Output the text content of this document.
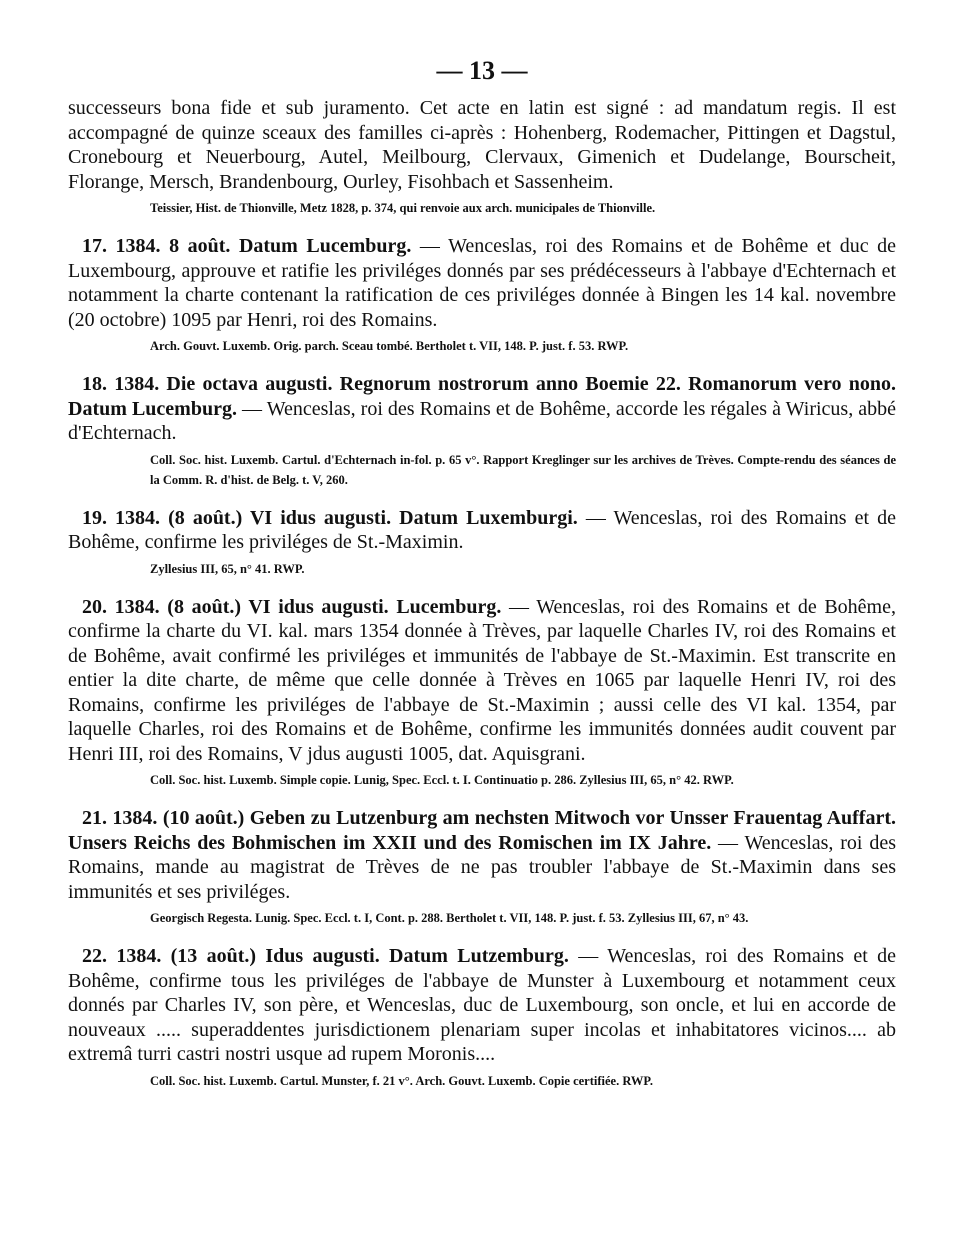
— 13 —

successeurs bona fide et sub juramento. Cet acte en latin est signé : ad mandatum regis. Il est accompagné de quinze sceaux des familles ci-après : Hohenberg, Rodemacher, Pittingen et Dagstul, Cronebourg et Neuerbourg, Autel, Meilbourg, Clervaux, Gimenich et Dudelange, Bourscheit, Florange, Mersch, Brandenbourg, Ourley, Fisohbach et Sassenheim.

Teissier, Hist. de Thionville, Metz 1828, p. 374, qui renvoie aux arch. municipales de Thionville.

17. 1384. 8 août. Datum Lucemburg. — Wenceslas, roi des Romains et de Bohême et duc de Luxembourg, approuve et ratifie les priviléges donnés par ses prédécesseurs à l'abbaye d'Echternach et notamment la charte contenant la ratification de ces priviléges donnée à Bingen les 14 kal. novembre (20 octobre) 1095 par Henri, roi des Romains.

Arch. Gouvt. Luxemb. Orig. parch. Sceau tombé. Bertholet t. VII, 148. P. just. f. 53. RWP.

18. 1384. Die octava augusti. Regnorum nostrorum anno Boemie 22. Romanorum vero nono. Datum Lucemburg. — Wenceslas, roi des Romains et de Bohême, accorde les régales à Wiricus, abbé d'Echternach.

Coll. Soc. hist. Luxemb. Cartul. d'Echternach in-fol. p. 65 v°. Rapport Kreglinger sur les archives de Trèves. Compte-rendu des séances de la Comm. R. d'hist. de Belg. t. V, 260.

19. 1384. (8 août.) VI idus augusti. Datum Luxemburgi. — Wenceslas, roi des Romains et de Bohême, confirme les priviléges de St.-Maximin.

Zyllesius III, 65, n° 41. RWP.

20. 1384. (8 août.) VI idus augusti. Lucemburg. — Wenceslas, roi des Romains et de Bohême, confirme la charte du VI. kal. mars 1354 donnée à Trèves, par laquelle Charles IV, roi des Romains et de Bohême, avait confirmé les priviléges et immunités de l'abbaye de St.-Maximin. Est transcrite en entier la dite charte, de même que celle donnée à Trèves en 1065 par laquelle Henri IV, roi des Romains, confirme les priviléges de l'abbaye de St.-Maximin ; aussi celle des VI kal. 1354, par laquelle Charles, roi des Romains et de Bohême, confirme les immunités données audit couvent par Henri III, roi des Romains, V jdus augusti 1005, dat. Aquisgrani.

Coll. Soc. hist. Luxemb. Simple copie. Lunig, Spec. Eccl. t. I. Continuatio p. 286. Zyllesius III, 65, n° 42. RWP.

21. 1384. (10 août.) Geben zu Lutzenburg am nechsten Mitwoch vor Unsser Frauentag Auffart. Unsers Reichs des Bohmischen im XXII und des Romischen im IX Jahre. — Wenceslas, roi des Romains, mande au magistrat de Trèves de ne pas troubler l'abbaye de St.-Maximin dans ses immunités et ses priviléges.

Georgisch Regesta. Lunig. Spec. Eccl. t. I, Cont. p. 288. Bertholet t. VII, 148. P. just. f. 53. Zyllesius III, 67, n° 43.

22. 1384. (13 août.) Idus augusti. Datum Lutzemburg. — Wenceslas, roi des Romains et de Bohême, confirme tous les priviléges de l'abbaye de Munster à Luxembourg et notamment ceux donnés par Charles IV, son père, et Wenceslas, duc de Luxembourg, son oncle, et lui en accorde de nouveaux ..... superaddentes jurisdictionem plenariam super incolas et inhabitatores vicinos.... ab extremâ turri castri nostri usque ad rupem Moronis....

Coll. Soc. hist. Luxemb. Cartul. Munster, f. 21 v°. Arch. Gouvt. Luxemb. Copie certifiée. RWP.
